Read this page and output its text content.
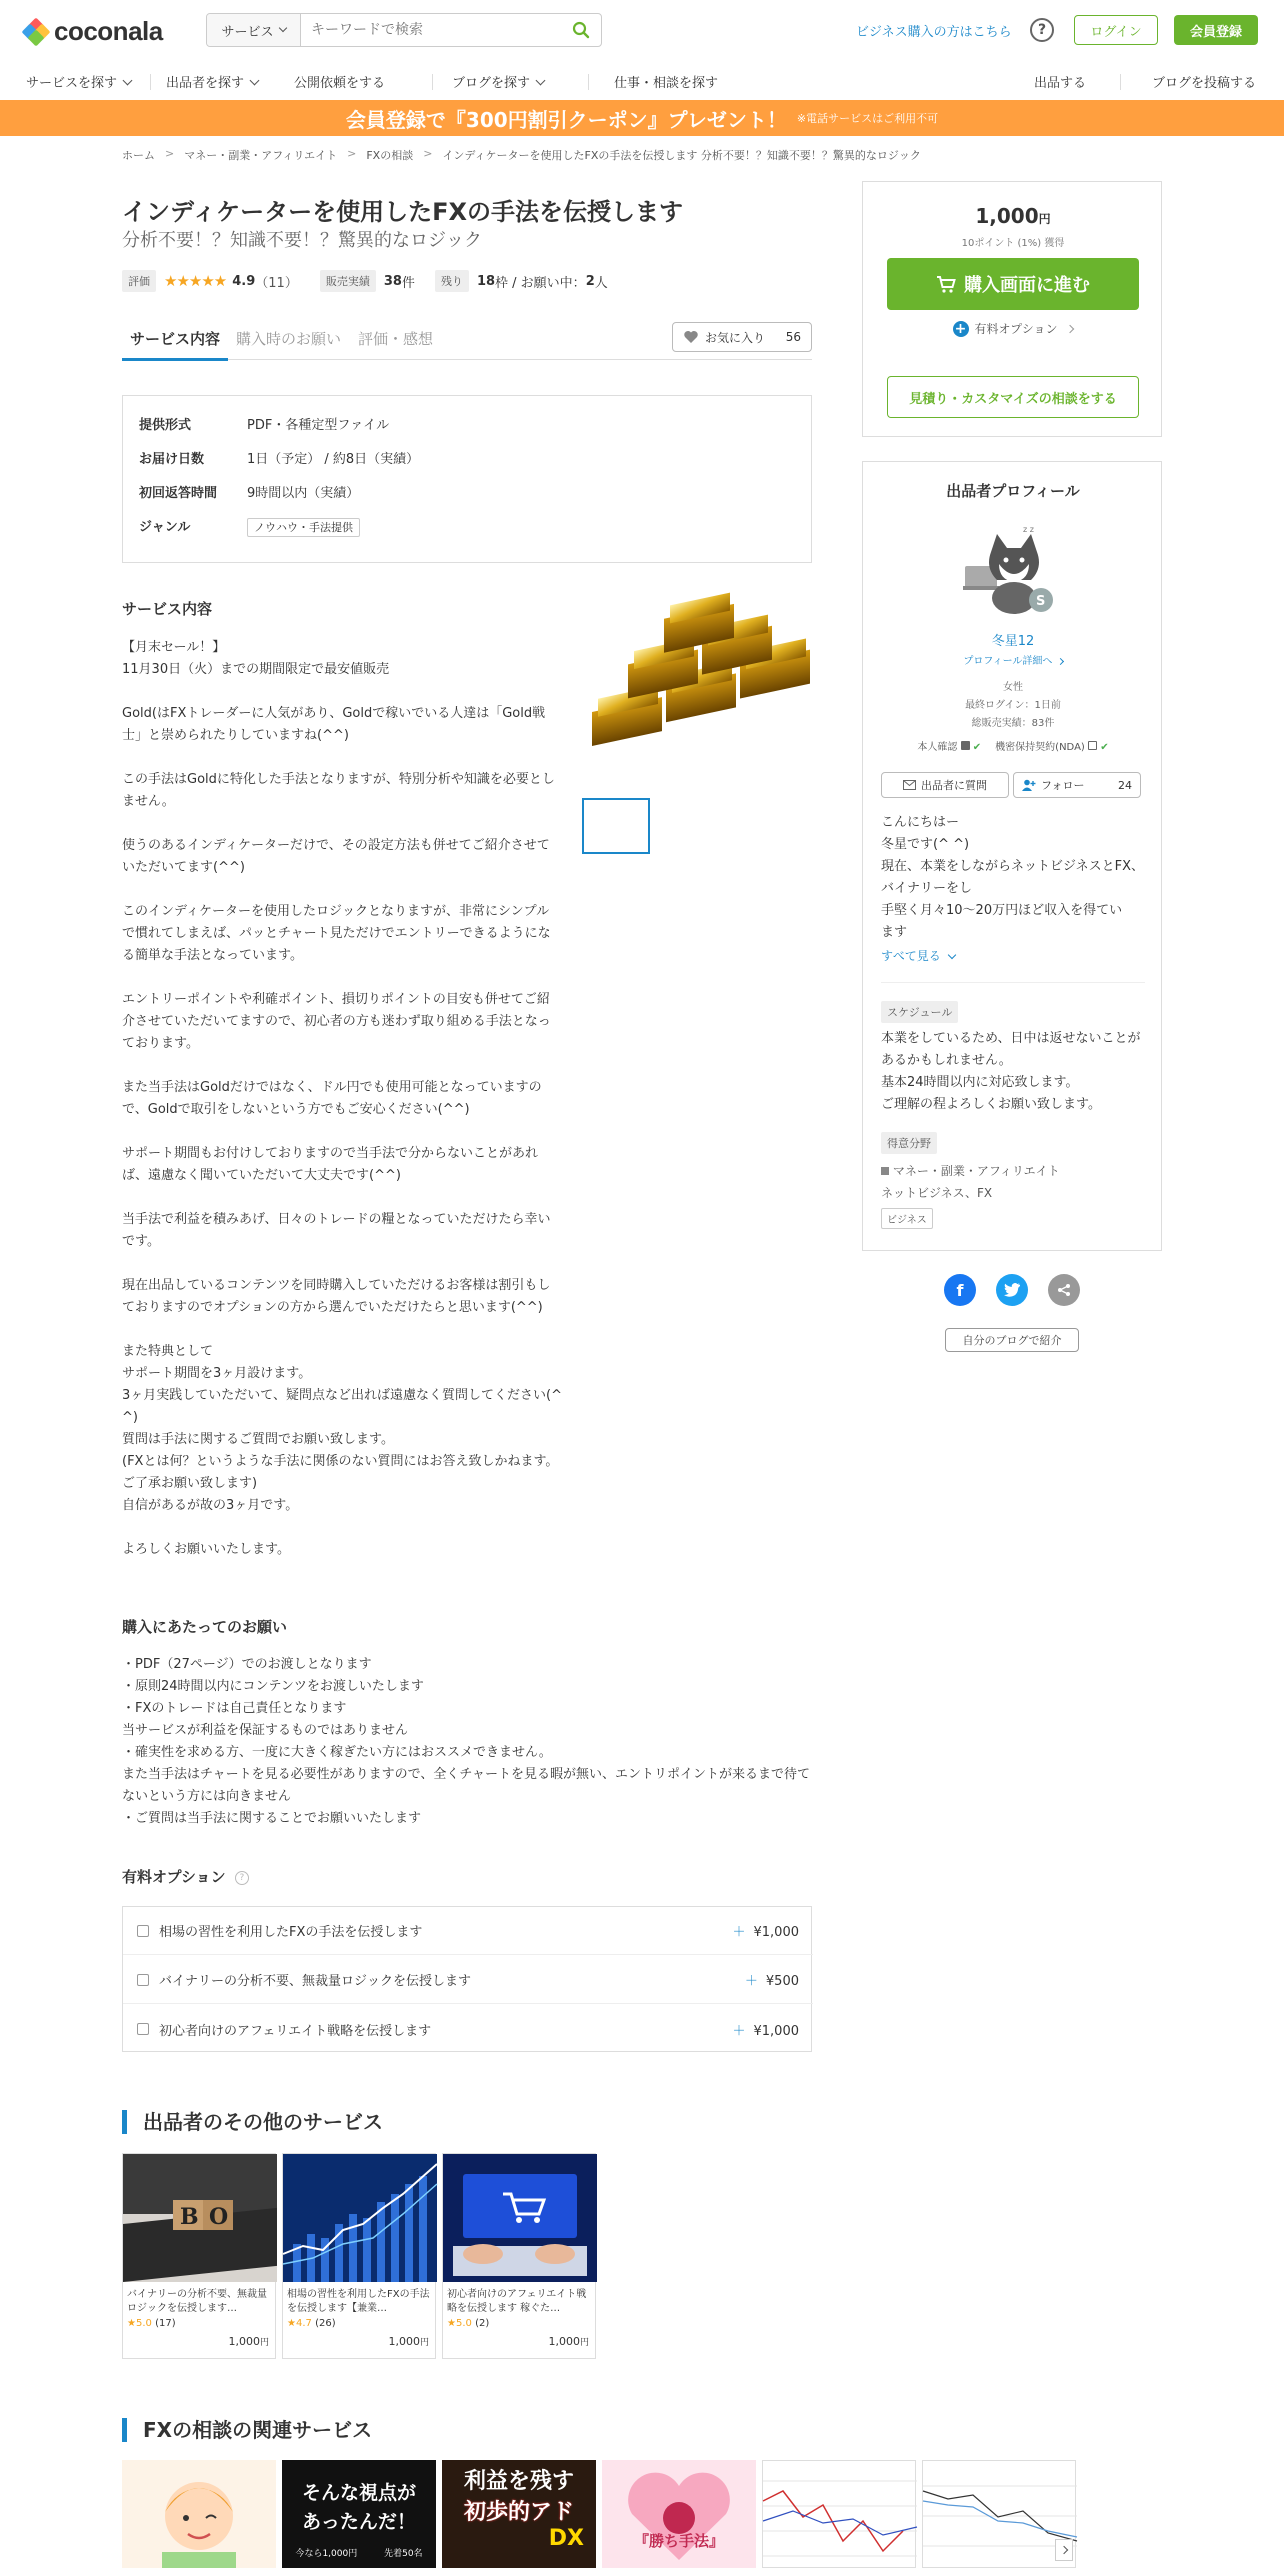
coconala	サービス
キーワードで検索	ビジネス購入の方はこちら	?	ログイン	会員登録
サービスを探す	出品者を探す	公開依頼をする	ブログを探す	仕事・相談を探す	出品する	ブログを投稿する
会員登録で『300円割引クーポン』プレゼント！ ※電話サービスはご利用不可
ホーム > マネー・副業・アフィリエイト > FXの相談 > インディケーターを使用したFXの手法を伝授します 分析不要！？知識不要！？驚異的なロジック
インディケーターを使用したFXの手法を伝授します
分析不要！？知識不要！？驚異的なロジック
評価 ★★★★★ 4.9 （11）	販売実績	38 件	残り	18 枠 / お願い中： 2 人
サービス内容 購入時のお願い 評価・感想	お気に入り 56
提供形式	PDF・各種定型ファイル
お届け日数	1日（予定） / 約8日（実績）
初回返答時間 9時間以内（実績）
ジャンル	ノウハウ・手法提供
サービス内容
【月末セール！】
11月30日（火）までの期間限定で最安値販売

Gold(はFXトレーダーに人気があり、Goldで稼いでいる人達は「Gold戦士」と崇められたりしていますね(^^)

この手法はGoldに特化した手法となりますが、特別分析や知識を必要としません。

使うのあるインディケーターだけで、その設定方法も併せてご紹介させていただいてます(^^)

このインディケーターを使用したロジックとなりますが、非常にシンプルで慣れてしまえば、パッとチャート見ただけでエントリーできるようになる簡単な手法となっています。

エントリーポイントや利確ポイント、損切りポイントの目安も併せてご紹介させていただいてますので、初心者の方も迷わず取り組める手法となっております。

また当手法はGoldだけではなく、ドル円でも使用可能となっていますので、Goldで取引をしないという方でもご安心ください(^^)

サポート期間もお付けしておりますので当手法で分からないことがあれば、遠慮なく聞いていただいて大丈夫です(^^)

当手法で利益を積みあげ、日々のトレードの糧となっていただけたら幸いです。

現在出品しているコンテンツを同時購入していただけるお客様は割引もしておりますのでオプションの方から選んでいただけたらと思います(^^)

また特典として
サポート期間を3ヶ月設けます。
3ヶ月実践していただいて、疑問点など出れば遠慮なく質問してください(^ ^)
質問は手法に関するご質問でお願い致します。
(FXとは何？というような手法に関係のない質問にはお答え致しかねます。ご了承お願い致します)
自信があるが故の3ヶ月です。

よろしくお願いいたします。
購入にあたってのお願い
・PDF（27ページ）でのお渡しとなります
・原則24時間以内にコンテンツをお渡しいたします
・FXのトレードは自己責任となります
当サービスが利益を保証するものではありません
・確実性を求める方、一度に大きく稼ぎたい方にはおススメできません。
また当手法はチャートを見る必要性がありますので、全くチャートを見る暇が無い、エントリポイントが来るまで待てないという方には向きません
・ご質問は当手法に関することでお願いいたします
有料オプション ?
相場の習性を利用したFXの手法を伝授します	＋ ¥1,000
バイナリーの分析不要、無裁量ロジックを伝授します	＋ ¥500
初心者向けのアフェリエイト戦略を伝授します	＋ ¥1,000
出品者のその他のサービス
B O
バイナリーの分析不要、無裁量ロジックを伝授します…
★5.0 (17)
1,000円
相場の習性を利用したFXの手法を伝授します【兼業…
★4.7 (26)
1,000円
初心者向けのアフェリエイト戦略を伝授します 稼ぐた…
★5.0 (2)
1,000円
FXの相談の関連サービス
そんな視点が
あったんだ！
今なら1,000円	先着50名
利益を残す
初歩的アド
DX	『勝ち手法』
1,000円
10ポイント (1%) 獲得
購入画面に進む
+ 有料オプション
見積り・カスタマイズの相談をする
出品者プロフィール
S
z z
冬星12
プロフィール詳細へ
女性
最終ログイン：1日前
総販売実績：83件
本人確認 ✔ 機密保持契約(NDA) ✔
出品者に質問	フォロー	24
こんにちはー
冬星です(^ ^)
現在、本業をしながらネットビジネスとFX、バイナリーをし
手堅く月々10〜20万円ほど収入を得てい
ます
すべて見る
スケジュール
本業をしているため、日中は返せないことがあるかもしれません。
基本24時間以内に対応致します。
ご理解の程よろしくお願い致します。
得意分野
マネー・副業・アフィリエイト
ネットビジネス、FX
ビジネス
f
自分のブログで紹介
